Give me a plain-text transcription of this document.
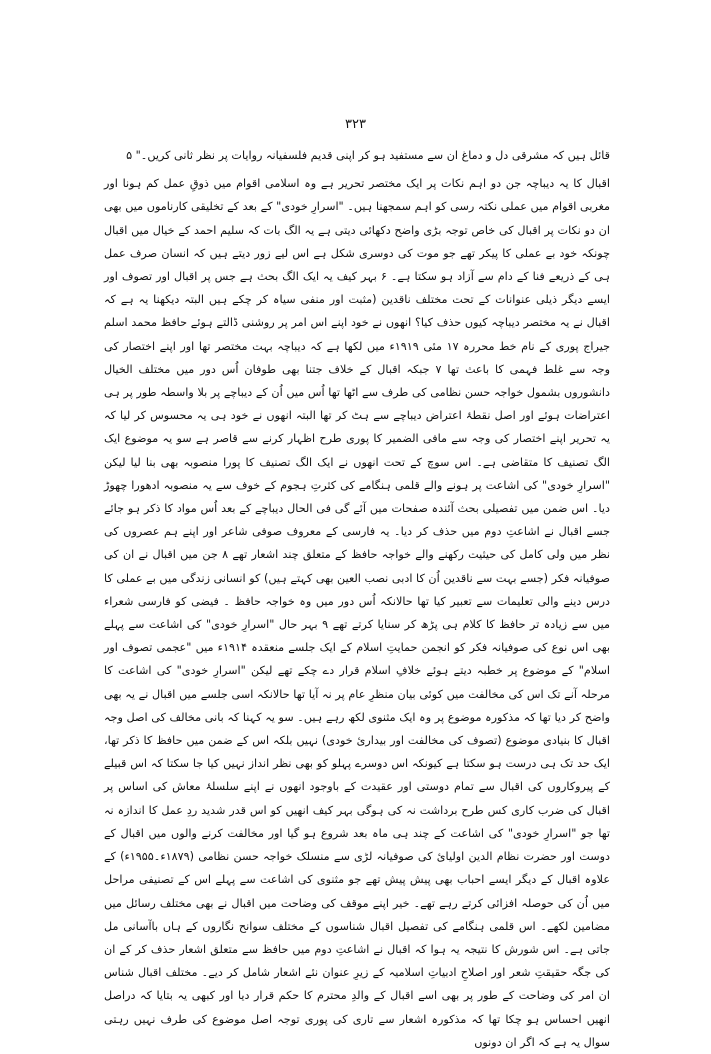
۳۲۳

قائل ہیں کہ مشرقی دل و دماغ ان سے مستفید ہو کر اپنی قدیم فلسفیانہ روایات پر نظر ثانی کریں۔" ۵

اقبال کا یہ دیباچہ جن دو اہم نکات پر ایک مختصر تحریر ہے وہ اسلامی اقوام میں ذوقِ عمل کم ہونا اور مغربی اقوام میں عملی نکتہ رسی کو اہم سمجھنا ہیں۔ "اسرارِ خودی" کے بعد کے تخلیقی کارناموں میں بھی ان دو نکات پر اقبال کی خاص توجہ بڑی واضح دکھائی دیتی ہے یہ الگ بات کہ سلیم احمد کے خیال میں اقبال چونکہ خود بے عملی کا پیکر تھے جو موت کی دوسری شکل ہے اس لیے زور دیتے ہیں کہ انسان صرف عمل ہی کے ذریعے فنا کے دام سے آزاد ہو سکتا ہے۔ ۶ بہر کیف یہ ایک الگ بحث ہے جس پر اقبال اور تصوف اور ایسے دیگر ذیلی عنوانات کے تحت مختلف ناقدین (مثبت اور منفی سیاہ کر چکے ہیں البتہ دیکھنا یہ ہے کہ اقبال نے یہ مختصر دیباچہ کیوں حذف کیا؟ انھوں نے خود اپنے اس امر پر روشنی ڈالتے ہوئے حافظ محمد اسلم جیراج پوری کے نام خط محررہ ۱۷ مئی ۱۹۱۹ء میں لکھا ہے کہ دیباچہ بہت مختصر تھا اور اپنے اختصار کی وجہ سے غلط فہمی کا باعث تھا ۷ جبکہ اقبال کے خلاف جتنا بھی طوفان اُس دور میں مختلف الخیال دانشوروں بشمول خواجہ حسن نظامی کی طرف سے اٹھا تھا اُس میں اُن کے دیباچے پر بلا واسطہ طور پر ہی اعتراضات ہوئے اور اصل نقطۂ اعتراض دیباچے سے ہٹ کر تھا البتہ انھوں نے خود ہی یہ محسوس کر لیا کہ یہ تحریر اپنے اختصار کی وجہ سے مافی الضمیر کا پوری طرح اظہار کرنے سے قاصر ہے سو یہ موضوع ایک الگ تصنیف کا متقاضی ہے۔ اس سوچ کے تحت انھوں نے ایک الگ تصنیف کا پورا منصوبہ بھی بنا لیا لیکن "اسرارِ خودی" کی اشاعت پر ہونے والے قلمی ہنگامے کی کثرتِ ہجوم کے خوف سے یہ منصوبہ ادھورا چھوڑ دیا۔ اس ضمن میں تفصیلی بحث آئندہ صفحات میں آئے گی فی الحال دیباچے کے بعد اُس مواد کا ذکر ہو جائے جسے اقبال نے اشاعتِ دوم میں حذف کر دیا۔ یہ فارسی کے معروف صوفی شاعر اور اپنے ہم عصروں کی نظر میں ولی کامل کی حیثیت رکھنے والے خواجہ حافظ کے متعلق چند اشعار تھے ۸ جن میں اقبال نے ان کی صوفیانہ فکر (جسے بہت سے ناقدین اُن کا ادبی نصب العین بھی کہتے ہیں) کو انسانی زندگی میں بے عملی کا درس دینے والی تعلیمات سے تعبیر کیا تھا حالانکہ اُس دور میں وہ خواجہ حافظ ۔ فیضی کو فارسی شعراء میں سے زیادہ تر حافظ کا کلام ہی پڑھ کر سنایا کرتے تھے ۹ بہر حال "اسرارِ خودی" کی اشاعت سے پہلے بھی اس نوع کی صوفیانہ فکر کو انجمن حمایتِ اسلام کے ایک جلسے منعقدہ ۱۹۱۴ء میں "عجمی تصوف اور اسلام" کے موضوع پر خطبہ دیتے ہوئے خلافِ اسلام قرار دے چکے تھے لیکن "اسرارِ خودی" کی اشاعت کا مرحلہ آنے تک اس کی مخالفت میں کوئی بیان منظرِ عام پر نہ آیا تھا حالانکہ اسی جلسے میں اقبال نے یہ بھی واضح کر دیا تھا کہ مذکورہ موضوع پر وہ ایک مثنوی لکھ رہے ہیں۔ سو یہ کہنا کہ بانی مخالف کی اصل وجہ اقبال کا بنیادی موضوع (تصوف کی مخالفت اور بیداریٔ خودی) نہیں بلکہ اس کے ضمن میں حافظ کا ذکر تھا، ایک حد تک ہی درست ہو سکتا ہے کیونکہ اس دوسرے پہلو کو بھی نظر انداز نہیں کیا جا سکتا کہ اس قبیلے کے پیروکاروں کی اقبال سے تمام دوستی اور عقیدت کے باوجود انھوں نے اپنے سلسلۂ معاش کی اساس پر اقبال کی ضرب کاری کس طرح برداشت نہ کی ہوگی بہر کیف انھیں کو اس قدر شدید ردِ عمل کا اندازہ نہ تھا جو "اسرارِ خودی" کی اشاعت کے چند ہی ماہ بعد شروع ہو گیا اور مخالفت کرنے والوں میں اقبال کے دوست اور حضرت نظام الدین اولیائ کی صوفیانہ لڑی سے منسلک خواجہ حسن نظامی (۱۸۷۹ء۔۱۹۵۵ء) کے علاوہ اقبال کے دیگر ایسے احباب بھی پیش پیش تھے جو مثنوی کی اشاعت سے پہلے اس کے تصنیفی مراحل میں اُن کی حوصلہ افزائی کرتے رہے تھے۔ خیر اپنے موقف کی وضاحت میں اقبال نے بھی مختلف رسائل میں مضامین لکھے۔ اس قلمی ہنگامے کی تفصیل اقبال شناسوں کے مختلف سوانح نگاروں کے ہاں باآسانی مل جاتی ہے۔ اس شورش کا نتیجہ یہ ہوا کہ اقبال نے اشاعتِ دوم میں حافظ سے متعلق اشعار حذف کر کے ان کی جگہ حقیقتِ شعر اور اصلاحِ ادبیاتِ اسلامیہ کے زیرِ عنوان نئے اشعار شامل کر دیے۔ مختلف اقبال شناس ان امر کی وضاحت کے طور پر بھی اسے اقبال کے والدِ محترم کا حکم قرار دیا اور کبھی یہ بتایا کہ دراصل انھیں احساس ہو چکا تھا کہ مذکورہ اشعار سے تاری کی پوری توجہ اصل موضوع کی طرف نہیں رہتی سوال یہ ہے کہ اگر ان دونوں
